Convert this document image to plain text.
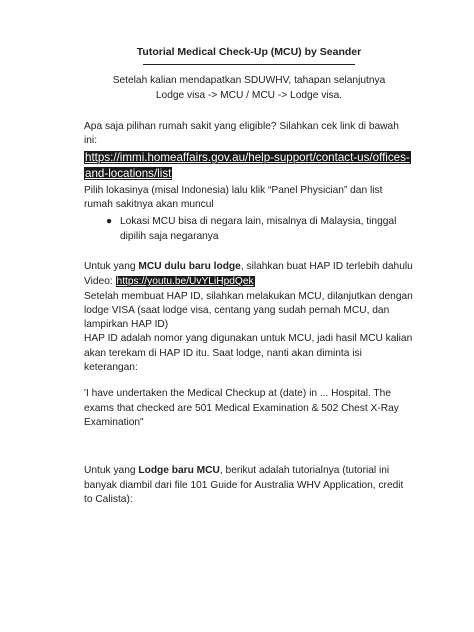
Tutorial Medical Check-Up (MCU) by Seander
Setelah kalian mendapatkan SDUWHV, tahapan selanjutnya
Lodge visa -> MCU / MCU -> Lodge visa.

Apa saja pilihan rumah sakit yang eligible? Silahkan cek link di bawah ini:

https://immi.homeaffairs.gov.au/help-support/contact-us/offices-and-locations/list

Pilih lokasinya (misal Indonesia) lalu klik “Panel Physician” dan list rumah sakitnya akan muncul

● Lokasi MCU bisa di negara lain, misalnya di Malaysia, tinggal dipilih saja negaranya

Untuk yang MCU dulu baru lodge, silahkan buat HAP ID terlebih dahulu

Video: https://youtu.be/UvYLiHpdQek

Setelah membuat HAP ID, silahkan melakukan MCU, dilanjutkan dengan lodge VISA (saat lodge visa, centang yang sudah pernah MCU, dan lampirkan HAP ID)

HAP ID adalah nomor yang digunakan untuk MCU, jadi hasil MCU kalian akan terekam di HAP ID itu. Saat lodge, nanti akan diminta isi keterangan:

'I have undertaken the Medical Checkup at (date) in ... Hospital. The exams that checked are 501 Medical Examination & 502 Chest X-Ray Examination"

Untuk yang Lodge baru MCU, berikut adalah tutorialnya (tutorial ini banyak diambil dari file 101 Guide for Australia WHV Application, credit to Calista):
